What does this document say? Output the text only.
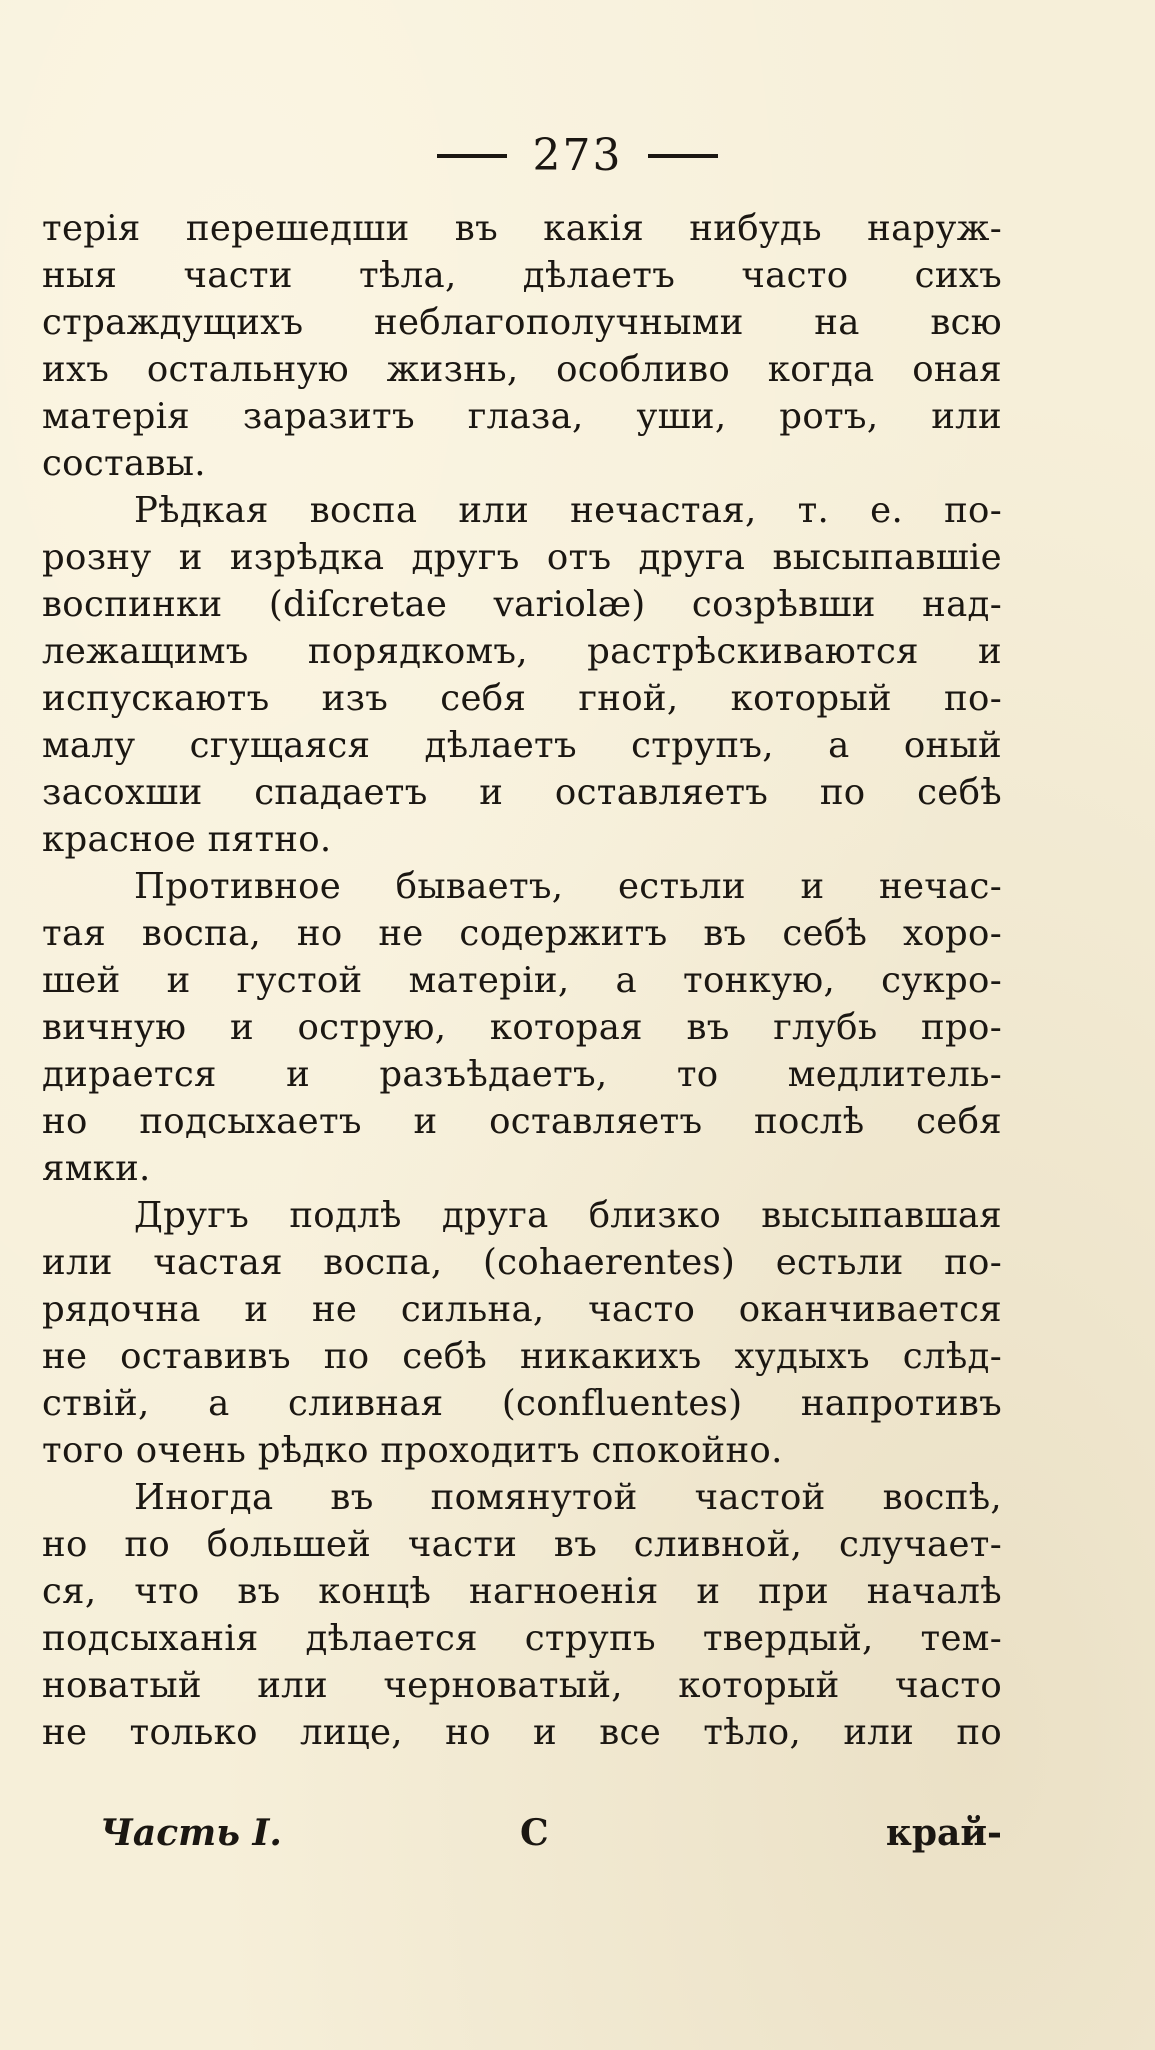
273
терія перешедши въ какія нибудь наруж-
ныя части тѣла, дѣлаетъ часто сихъ
страждущихъ неблагополучными на всю
ихъ остальную жизнь, особливо когда оная
матерія заразитъ глаза, уши, ротъ, или
составы.
Рѣдкая воспа или нечастая, т. е. по-
розну и изрѣдка другъ отъ друга высыпавшіе
воспинки (diſcretae variolæ) созрѣвши над-
лежащимъ порядкомъ, растрѣскиваются и
испускаютъ изъ себя гной, который по-
малу сгущаяся дѣлаетъ струпъ, а оный
засохши спадаетъ и оставляетъ по себѣ
красное пятно.
Противное бываетъ, естьли и нечас-
тая воспа, но не содержитъ въ себѣ хоро-
шей и густой матеріи, а тонкую, сукро-
вичную и острую, которая въ глубь про-
дирается и разъѣдаетъ, то медлитель-
но подсыхаетъ и оставляетъ послѣ себя
ямки.
Другъ подлѣ друга близко высыпавшая
или частая воспа, (cohaerentes) естьли по-
рядочна и не сильна, часто оканчивается
не оставивъ по себѣ никакихъ худыхъ слѣд-
ствій, а сливная (confluentes) напротивъ
того очень рѣдко проходитъ спокойно.
Иногда въ помянутой частой воспѣ,
но по большей части въ сливной, случает-
ся, что въ концѣ нагноенія и при началѣ
подсыханія дѣлается струпъ твердый, тем-
новатый или черноватый, который часто
не только лице, но и все тѣло, или по
Часть I.	C	край-
